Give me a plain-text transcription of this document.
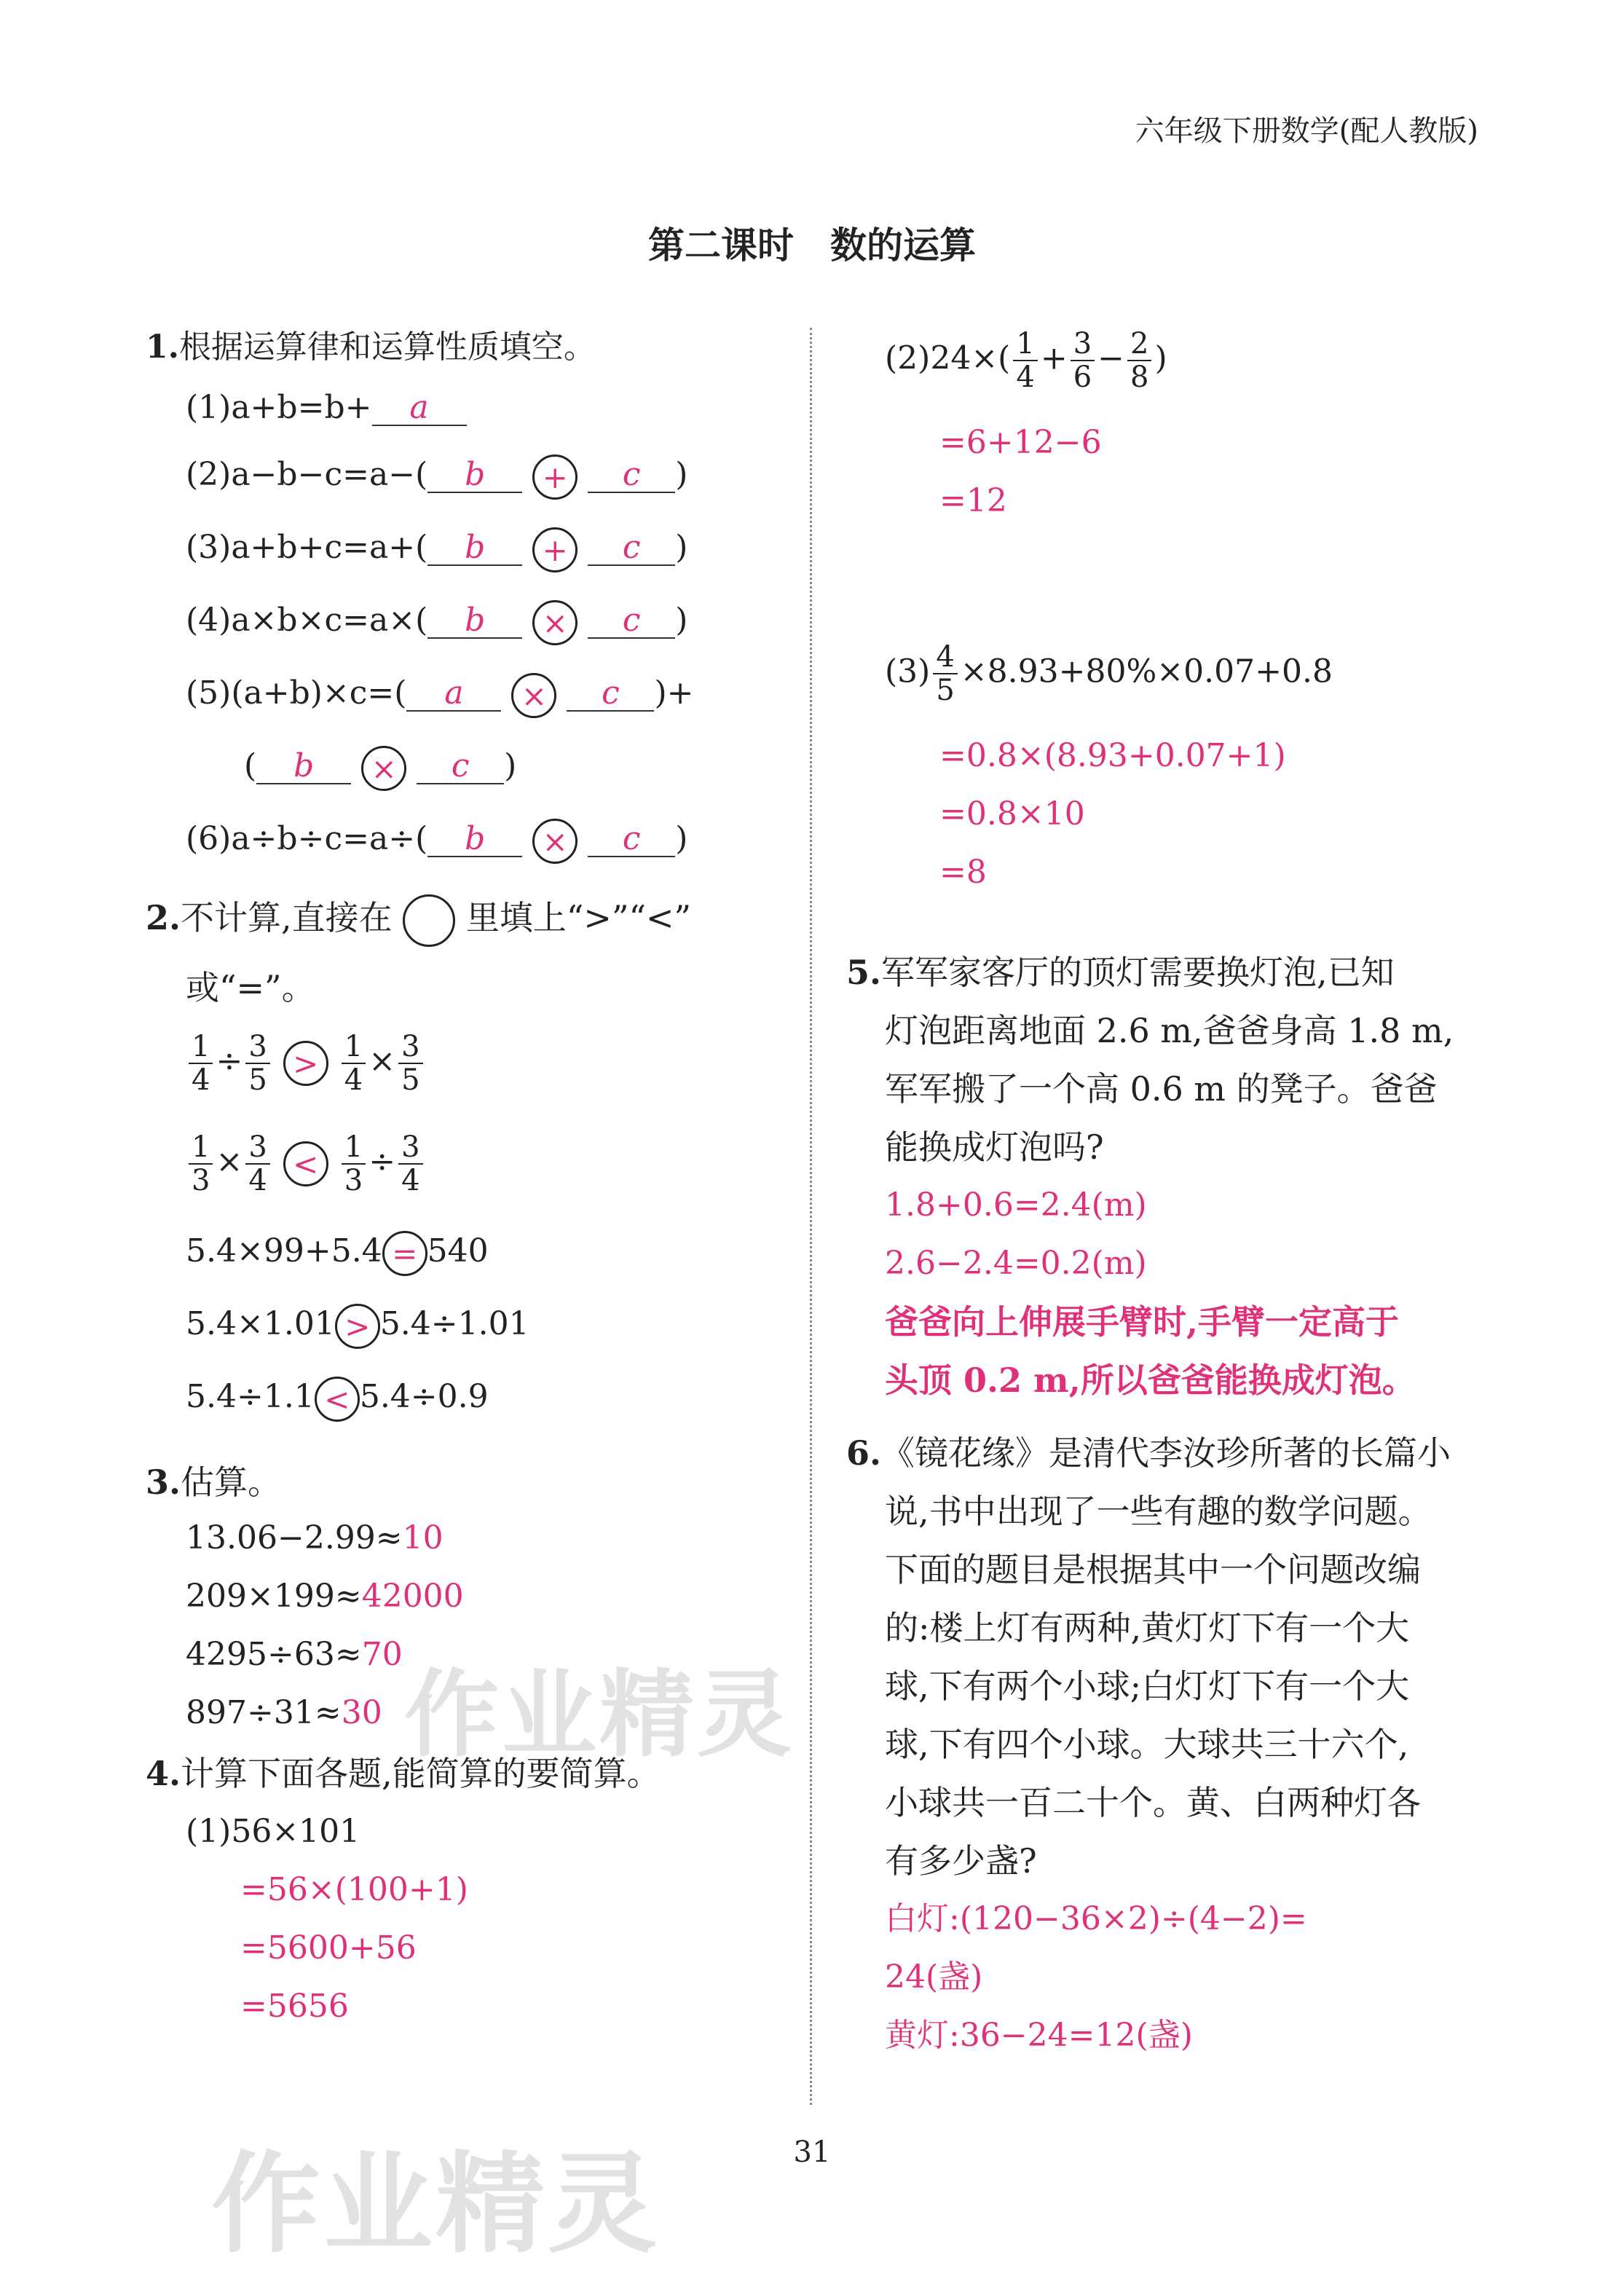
六年级下册数学(配人教版)
第二课时　数的运算
1.根据运算律和运算性质填空。
(1)a+b=b+ a
(2)a−b−c=a−( b + c )
(3)a+b+c=a+( b + c )
(4)a×b×c=a×( b × c )
(5)(a+b)×c=( a × c )+
( b × c )
(6)a÷b÷c=a÷( b × c )
2.不计算,直接在 里填上“>”“<”
或“=”。
$\frac{1}{4} \div \frac{3}{5} > \frac{1}{4} \times \frac{3}{5}$
$\frac{1}{3} \times \frac{3}{4} < \frac{1}{3} \div \frac{3}{4}$
5.4×99+5.4 = 540
5.4×1.01 > 5.4÷1.01
5.4÷1.1 < 5.4÷0.9
3.估算。
13.06−2.99≈10
209×199≈42000
4295÷63≈70
897÷31≈30
4.计算下面各题,能简算的要简算。
(1)56×101
=56×(100+1)
=5600+56
=5656
$(2)24\times( \frac{1}{4} + \frac{3}{6} - \frac{2}{8}$ )
=6+12−6
=12
$(3) \frac{4}{5} \times 8.93+80\%\times 0.07+0.8$
=0.8×(8.93+0.07+1)
=0.8×10
=8
5.军军家客厅的顶灯需要换灯泡,已知
灯泡距离地面 2.6 m,爸爸身高 1.8 m,
军军搬了一个高 0.6 m 的凳子。爸爸
能换成灯泡吗?
1.8+0.6=2.4(m)
2.6−2.4=0.2(m)
爸爸向上伸展手臂时,手臂一定高于
头顶 0.2 m,所以爸爸能换成灯泡。
6.《镜花缘》是清代李汝珍所著的长篇小
说,书中出现了一些有趣的数学问题。
下面的题目是根据其中一个问题改编
的:楼上灯有两种,黄灯灯下有一个大
球,下有两个小球;白灯灯下有一个大
球,下有四个小球。大球共三十六个,
小球共一百二十个。黄、白两种灯各
有多少盏?
白灯:(120−36×2)÷(4−2)=
24(盏)
黄灯:36−24=12(盏)
作业精灵
作业精灵	31
